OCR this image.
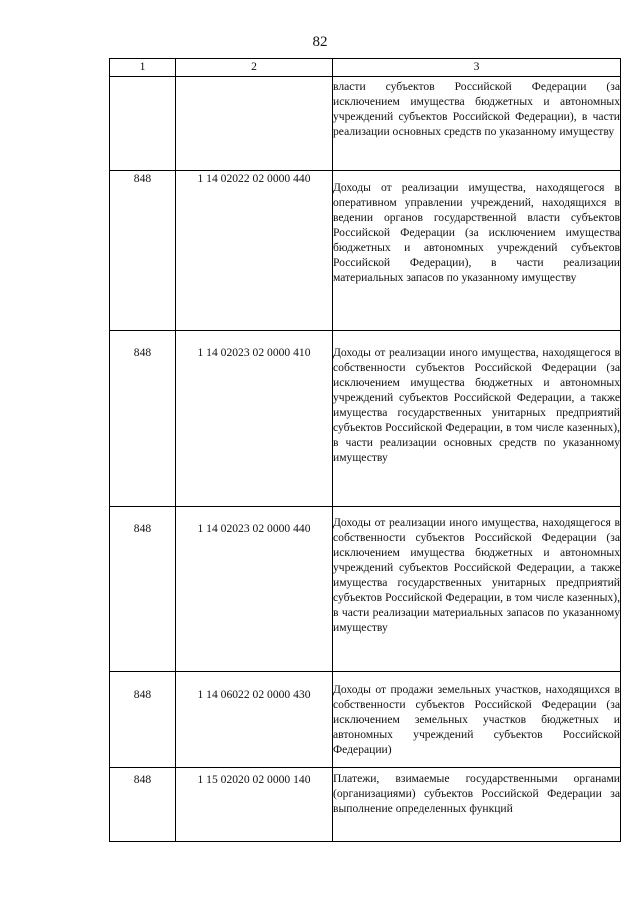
82
1	2	3

		власти субъектов Российской Федерации (за исключением имущества бюджетных и автономных учреждений субъектов Российской Федерации), в части реализации основных средств по указанному имуществу

848	1 14 02022 02 0000 440	Доходы от реализации имущества, находящегося в оперативном управлении учреждений, находящихся в ведении органов государственной власти субъектов Российской Федерации (за исключением имущества бюджетных и автономных учреждений субъектов Российской Федерации), в части реализации материальных запасов по указанному имуществу

848	1 14 02023 02 0000 410	Доходы от реализации иного имущества, находящегося в собственности субъектов Российской Федерации (за исключением имущества бюджетных и автономных учреждений субъектов Российской Федерации, а также имущества государственных унитарных предприятий субъектов Российской Федерации, в том числе казенных), в части реализации основных средств по указанному имуществу

848	1 14 02023 02 0000 440	Доходы от реализации иного имущества, находящегося в собственности субъектов Российской Федерации (за исключением имущества бюджетных и автономных учреждений субъектов Российской Федерации, а также имущества государственных унитарных предприятий субъектов Российской Федерации, в том числе казенных), в части реализации материальных запасов по указанному имуществу

848	1 14 06022 02 0000 430	Доходы от продажи земельных участков, находящихся в собственности субъектов Российской Федерации (за исключением земельных участков бюджетных и автономных учреждений субъектов Российской Федерации)

848	1 15 02020 02 0000 140	Платежи, взимаемые государственными органами (организациями) субъектов Российской Федерации за выполнение определенных функций
